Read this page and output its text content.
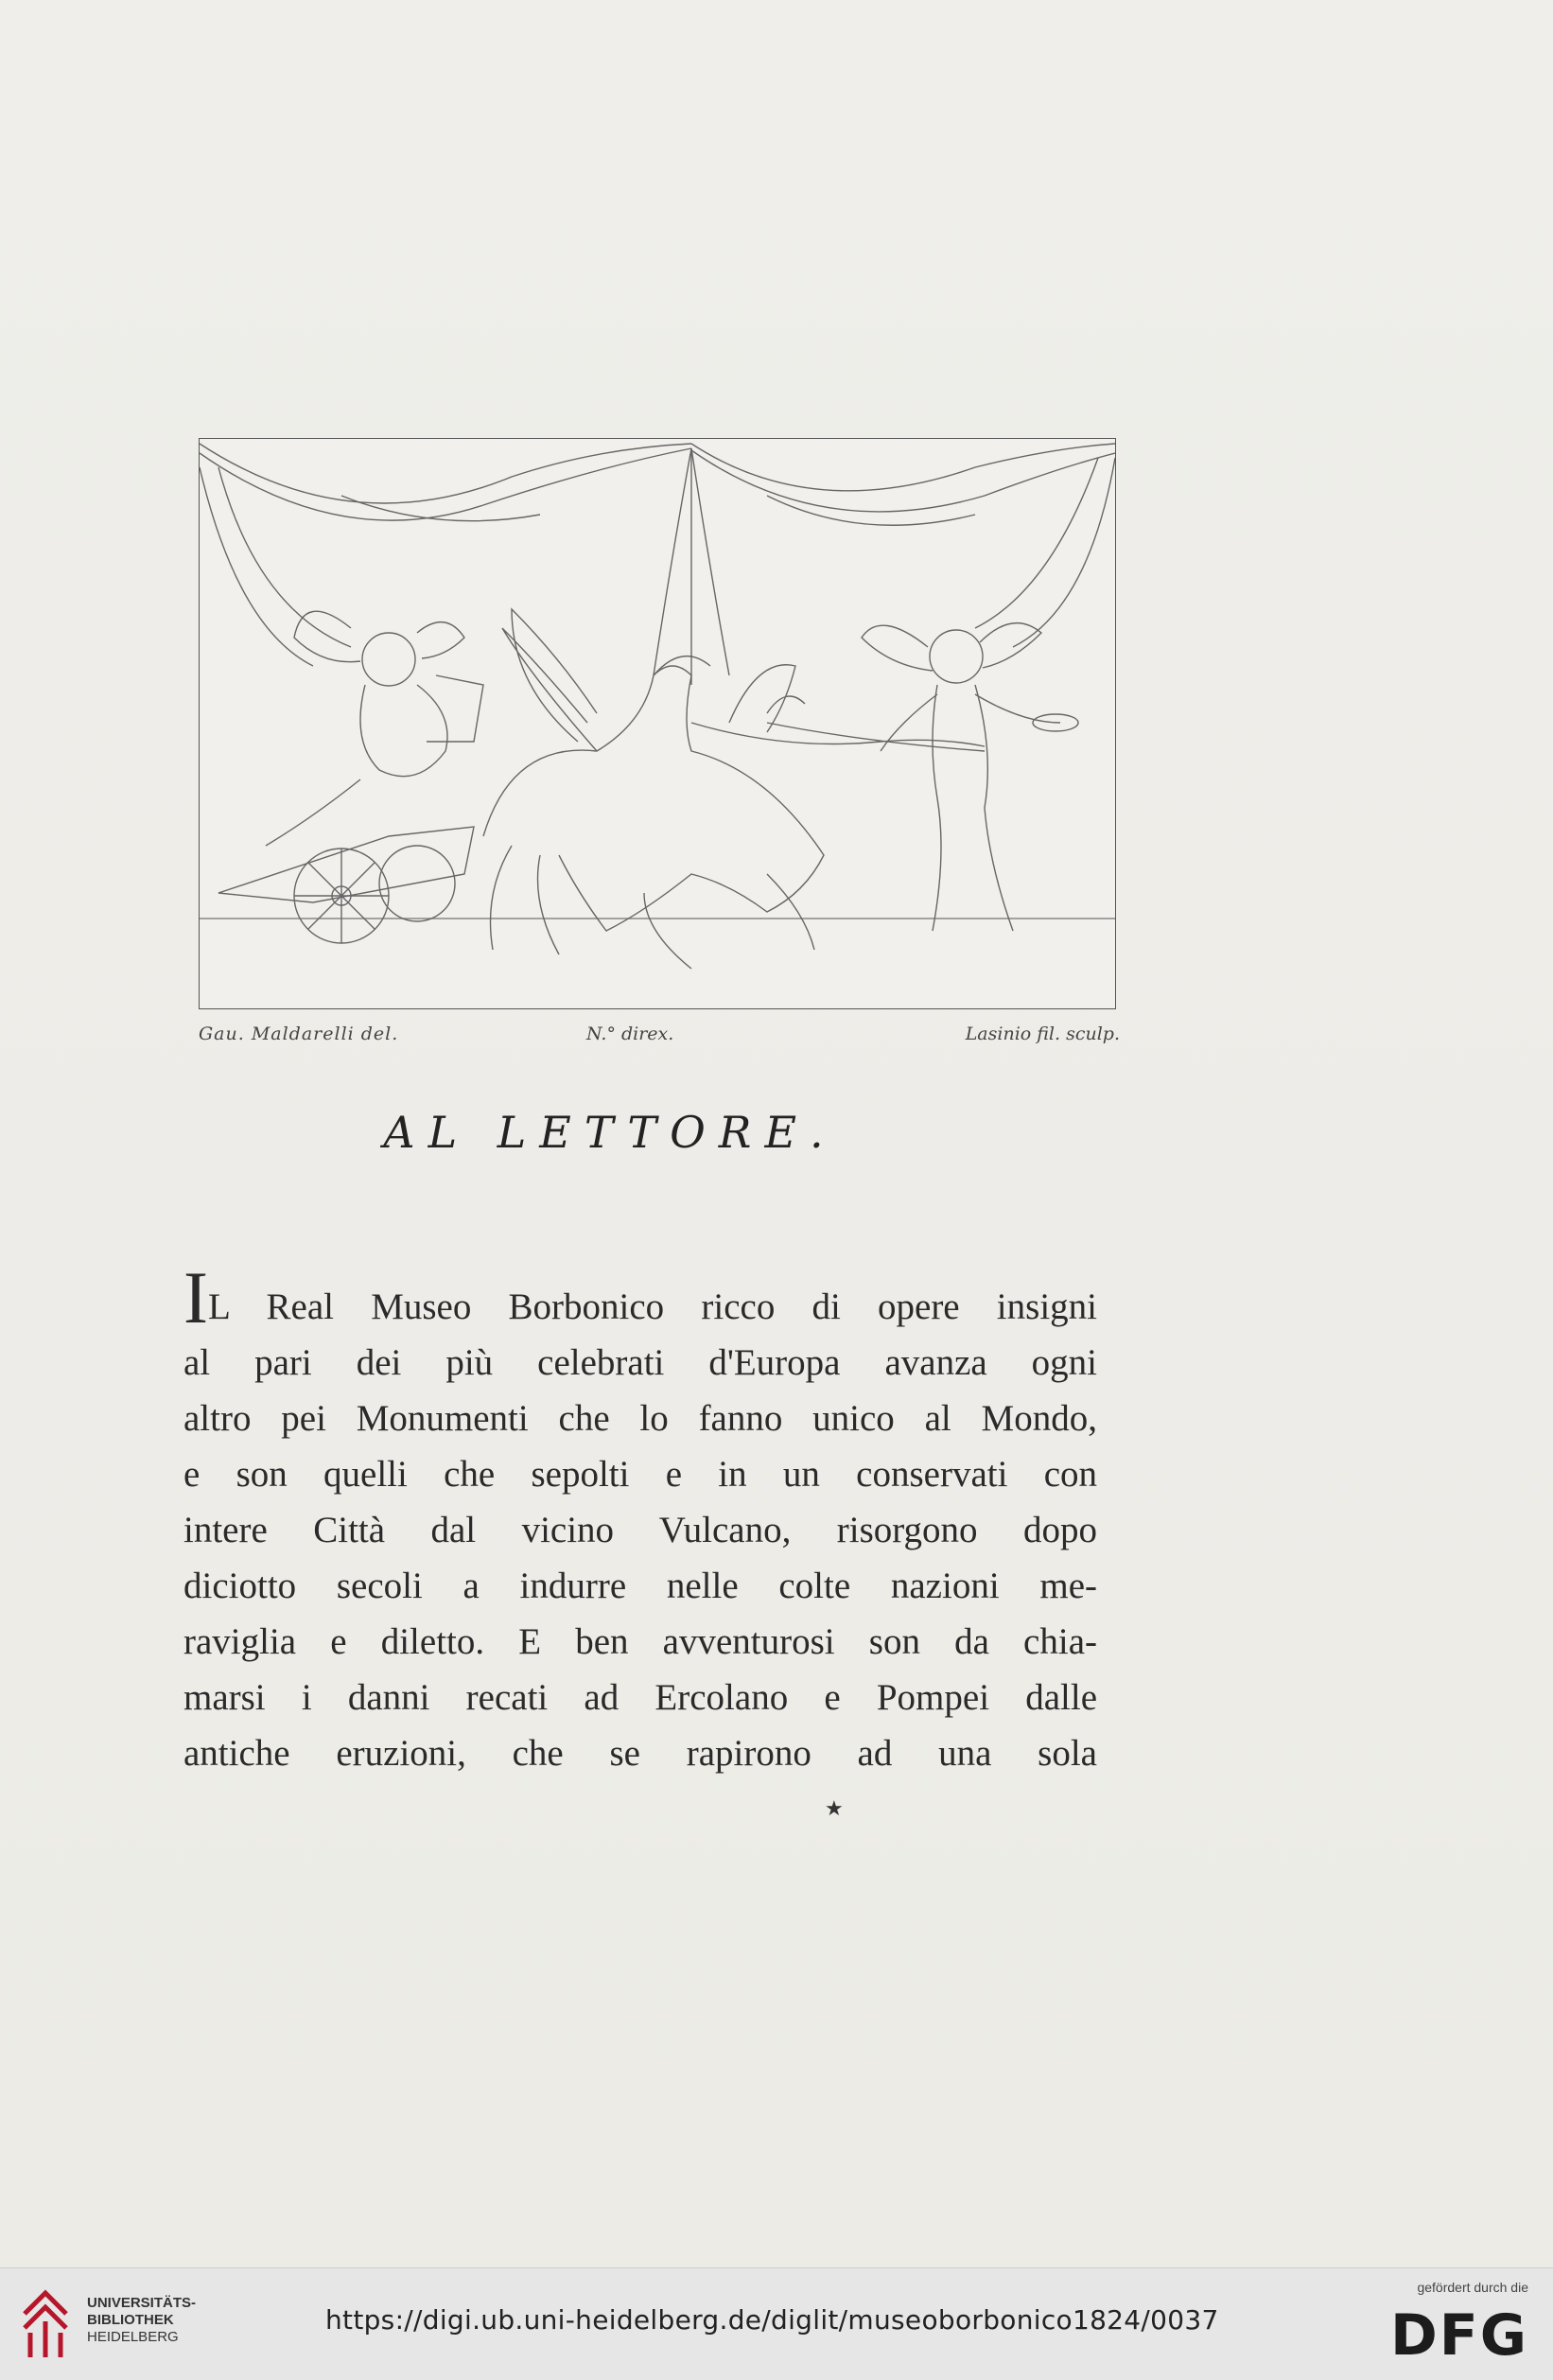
Gau. Maldarelli del.	N.° direx.	Lasinio fil. sculp.
AL LETTORE.
IL Real Museo Borbonico ricco di opere insigni
al pari dei più celebrati d'Europa avanza ogni
altro pei Monumenti che lo fanno unico al Mondo,
e son quelli che sepolti e in un conservati con
intere Città dal vicino Vulcano, risorgono dopo
diciotto secoli a indurre nelle colte nazioni me-
raviglia e diletto. E ben avventurosi son da chia-
marsi i danni recati ad Ercolano e Pompei dalle
antiche eruzioni, che se rapirono ad una sola
★
UNIVERSITÄTS-
BIBLIOTHEK
HEIDELBERG
https://digi.ub.uni-heidelberg.de/diglit/museoborbonico1824/0037
gefördert durch die
DFG
